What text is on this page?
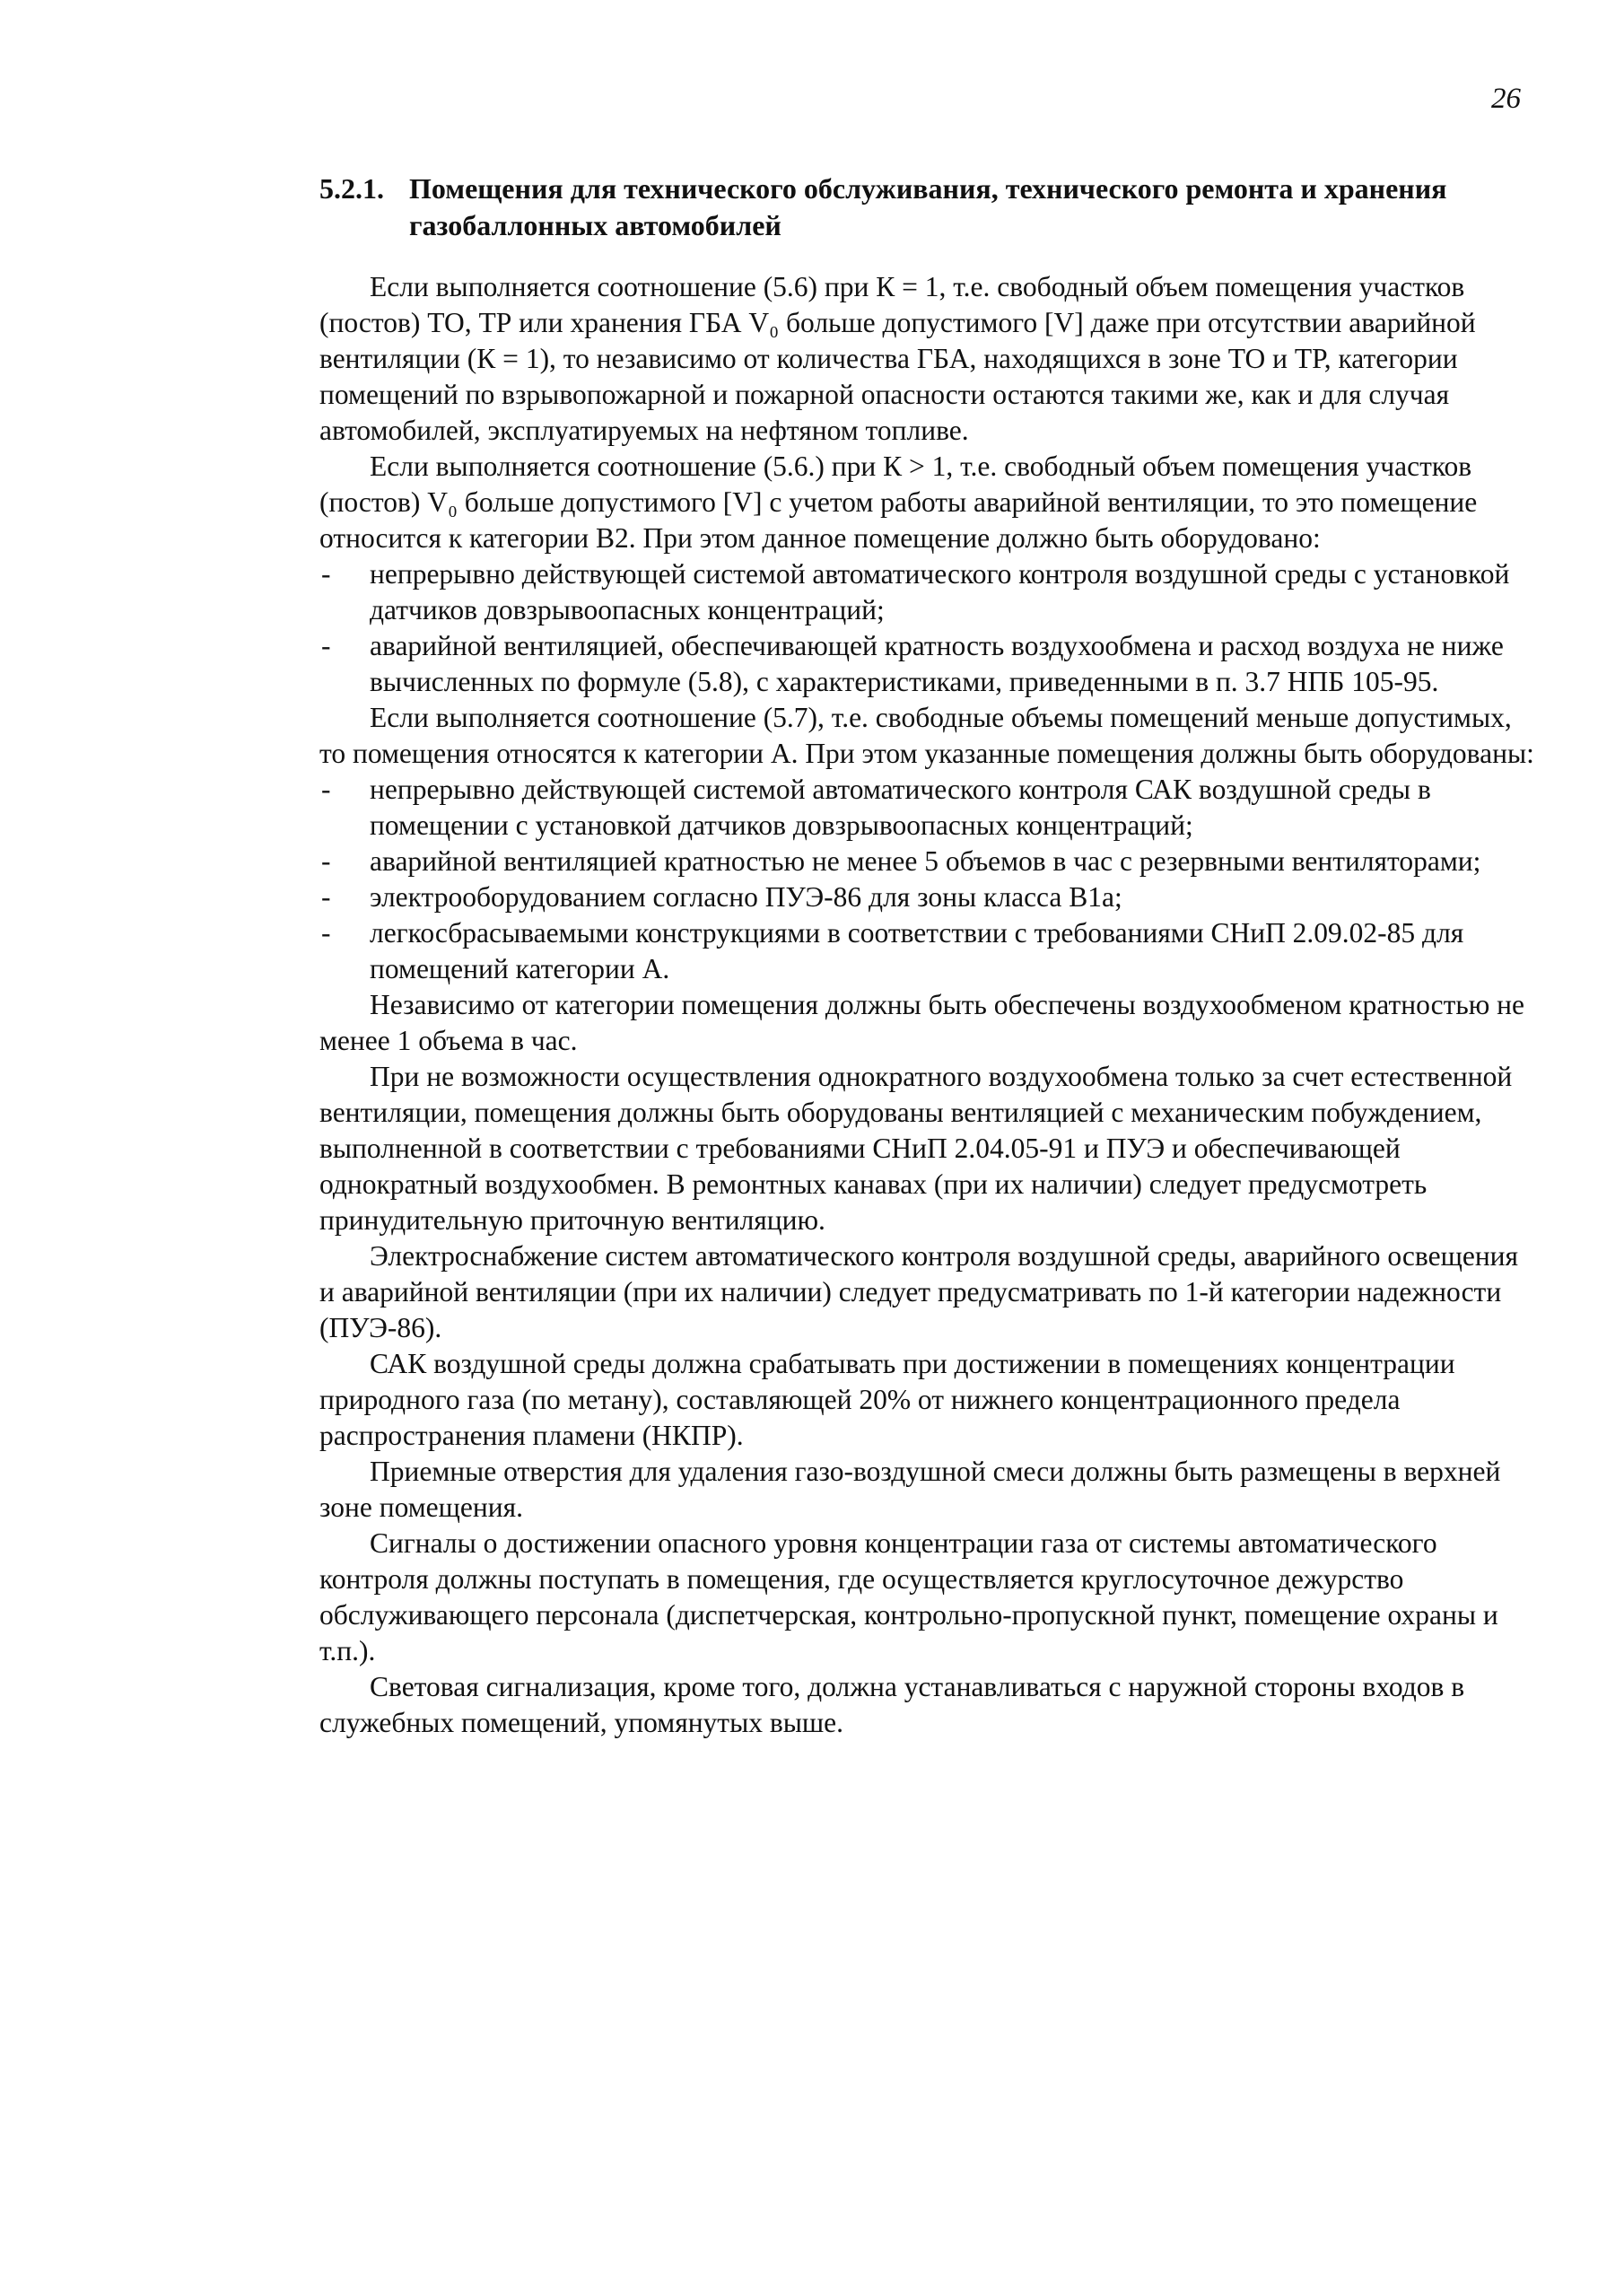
26
5.2.1. Помещения для технического обслуживания, технического ремонта и хранения газобаллонных автомобилей

Если выполняется соотношение (5.6) при К = 1, т.е. свободный объем помещения участков (постов) ТО, ТР или хранения ГБА V₀ больше допустимого [V] даже при отсутствии аварийной вентиляции (К = 1), то независимо от количества ГБА, находящихся в зоне ТО и ТР, категории помещений по взрывопожарной и пожарной опасности остаются такими же, как и для случая автомобилей, эксплуатируемых на нефтяном топливе.

Если выполняется соотношение (5.6.) при К > 1, т.е. свободный объем помещения участков (постов) V₀ больше допустимого [V] с учетом работы аварийной вентиляции, то это помещение относится к категории В2. При этом данное помещение должно быть оборудовано:

-	непрерывно действующей системой автоматического контроля воздушной среды с установкой датчиков довзрывоопасных концентраций;
-	аварийной вентиляцией, обеспечивающей кратность воздухообмена и расход воздуха не ниже вычисленных по формуле (5.8), с характеристиками, приведенными в п. 3.7 НПБ 105-95.

Если выполняется соотношение (5.7), т.е. свободные объемы помещений меньше допустимых, то помещения относятся к категории А. При этом указанные помещения должны быть оборудованы:

-	непрерывно действующей системой автоматического контроля САК воздушной среды в помещении с установкой датчиков довзрывоопасных концентраций;
-	аварийной вентиляцией кратностью не менее 5 объемов в час с резервными вентиляторами;
-	электрооборудованием согласно ПУЭ-86 для зоны класса В1а;
-	легкосбрасываемыми конструкциями в соответствии с требованиями СНиП 2.09.02-85 для помещений категории А.

Независимо от категории помещения должны быть обеспечены воздухообменом кратностью не менее 1 объема в час.

При не возможности осуществления однократного воздухообмена только за счет естественной вентиляции, помещения должны быть оборудованы вентиляцией с механическим побуждением, выполненной в соответствии с требованиями СНиП 2.04.05-91 и ПУЭ и обеспечивающей однократный воздухообмен. В ремонтных канавах (при их наличии) следует предусмотреть принудительную приточную вентиляцию.

Электроснабжение систем автоматического контроля воздушной среды, аварийного освещения и аварийной вентиляции (при их наличии) следует предусматривать по 1-й категории надежности (ПУЭ-86).

САК воздушной среды должна срабатывать при достижении в помещениях концентрации природного газа (по метану), составляющей 20% от нижнего концентрационного предела распространения пламени (НКПР).

Приемные отверстия для удаления газо-воздушной смеси должны быть размещены в верхней зоне помещения.

Сигналы о достижении опасного уровня концентрации газа от системы автоматического контроля должны поступать в помещения, где осуществляется круглосуточное дежурство обслуживающего персонала (диспетчерская, контрольно-пропускной пункт, помещение охраны и т.п.).

Световая сигнализация, кроме того, должна устанавливаться с наружной стороны входов в служебных помещений, упомянутых выше.
